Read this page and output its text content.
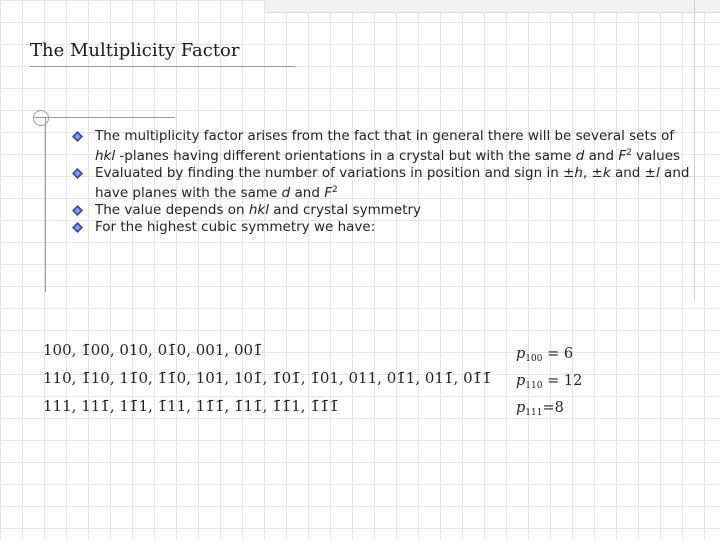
The Multiplicity Factor
The multiplicity factor arises from the fact that in general there will be several sets of hkl -planes having different orientations in a crystal but with the same d and $F^2$ values
Evaluated by finding the number of variations in position and sign in ±h, ±k and ±l and have planes with the same d and $F^2$
The value depends on hkl and crystal symmetry
For the highest cubic symmetry we have:
100, 1̄00, 010, 01̄0, 001, 001̄
110, 1̄10, 11̄0, 1̄1̄0, 101, 101̄, 1̄01̄, 1̄01, 011, 01̄1, 011̄, 01̄1̄
111, 111̄, 11̄1, 1̄11, 11̄1̄, 1̄11̄, 1̄1̄1, 1̄1̄1̄
$p_{100} = 6$
$p_{110} = 12$
$p_{111}=8$
